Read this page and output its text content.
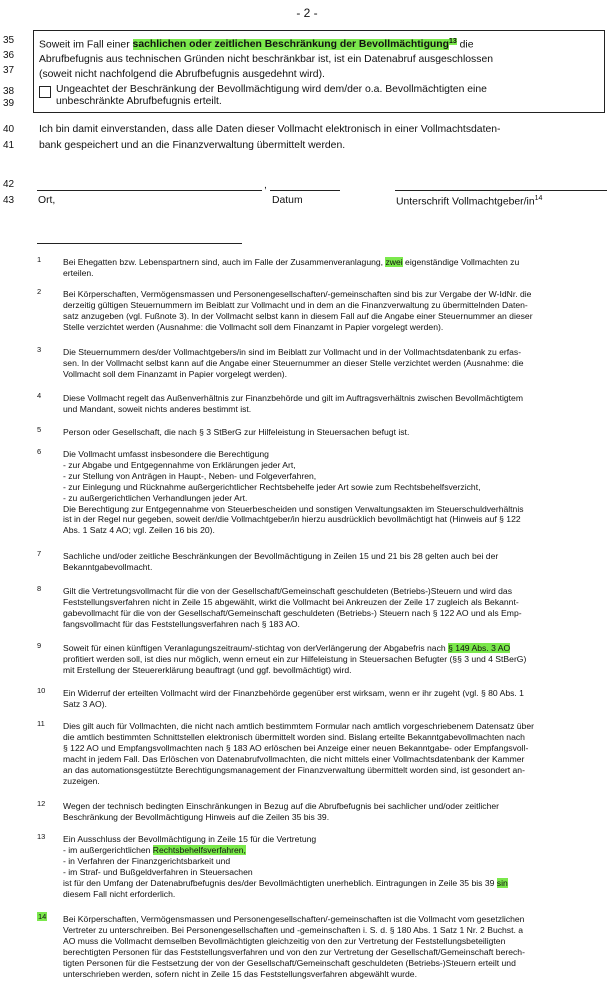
- 2 -
35
36
37
38
39
40
41
42
43
Soweit im Fall einer sachlichen oder zeitlichen Beschränkung der Bevollmächtigung$^{13}$ die
Abrufbefugnis aus technischen Gründen nicht beschränkbar ist, ist ein Datenabruf ausgeschlossen
(soweit nicht nachfolgend die Abrufbefugnis ausgedehnt wird).
Ungeachtet der Beschränkung der Bevollmächtigung wird dem/der o.a. Bevollmächtigten eine
unbeschränkte Abrufbefugnis erteilt.
Ich bin damit einverstanden, dass alle Daten dieser Vollmacht elektronisch in einer Vollmachtsdaten-
bank gespeichert und an die Finanzverwaltung übermittelt werden.
,
Ort,	Datum	Unterschrift Vollmachtgeber/$in^{14}$
1	Bei Ehegatten bzw. Lebenspartnern sind, auch im Falle der Zusammenveranlagung, zwei eigenständige Vollmachten zu
erteilen.
2	Bei Körperschaften, Vermögensmassen und Personengesellschaften/-gemeinschaften sind bis zur Vergabe der W-IdNr. die
derzeitig gültigen Steuernummern im Beiblatt zur Vollmacht und in dem an die Finanzverwaltung zu übermittelnden Daten-
satz anzugeben (vgl. Fußnote 3). In der Vollmacht selbst kann in diesem Fall auf die Angabe einer Steuernummer an dieser
Stelle verzichtet werden (Ausnahme: die Vollmacht soll dem Finanzamt in Papier vorgelegt werden).
3	Die Steuernummern des/der Vollmachtgebers/in sind im Beiblatt zur Vollmacht und in der Vollmachtsdatenbank zu erfas-
sen. In der Vollmacht selbst kann auf die Angabe einer Steuernummer an dieser Stelle verzichtet werden (Ausnahme: die
Vollmacht soll dem Finanzamt in Papier vorgelegt werden).
4	Diese Vollmacht regelt das Außenverhältnis zur Finanzbehörde und gilt im Auftragsverhältnis zwischen Bevollmächtigtem
und Mandant, soweit nichts anderes bestimmt ist.
5	Person oder Gesellschaft, die nach § 3 StBerG zur Hilfeleistung in Steuersachen befugt ist.
6	Die Vollmacht umfasst insbesondere die Berechtigung
- zur Abgabe und Entgegennahme von Erklärungen jeder Art,
- zur Stellung von Anträgen in Haupt-, Neben- und Folgeverfahren,
- zur Einlegung und Rücknahme außergerichtlicher Rechtsbehelfe jeder Art sowie zum Rechtsbehelfsverzicht,
- zu außergerichtlichen Verhandlungen jeder Art.
Die Berechtigung zur Entgegennahme von Steuerbescheiden und sonstigen Verwaltungsakten im Steuerschuldverhältnis
ist in der Regel nur gegeben, soweit der/die Vollmachtgeber/in hierzu ausdrücklich bevollmächtigt hat (Hinweis auf § 122
Abs. 1 Satz 4 AO; vgl. Zeilen 16 bis 20).
7	Sachliche und/oder zeitliche Beschränkungen der Bevollmächtigung in Zeilen 15 und 21 bis 28 gelten auch bei der
Bekanntgabevollmacht.
8	Gilt die Vertretungsvollmacht für die von der Gesellschaft/Gemeinschaft geschuldeten (Betriebs-)Steuern und wird das
Feststellungsverfahren nicht in Zeile 15 abgewählt, wirkt die Vollmacht bei Ankreuzen der Zeile 17 zugleich als Bekannt-
gabevollmacht für die von der Gesellschaft/Gemeinschaft geschuldeten (Betriebs-) Steuern nach § 122 AO und als Emp-
fangsvollmacht für das Feststellungsverfahren nach § 183 AO.
9	Soweit für einen künftigen Veranlagungszeitraum/-stichtag von derVerlängerung der Abgabefris nach § 149 Abs. 3 AO
profitiert werden soll, ist dies nur möglich, wenn erneut ein zur Hilfeleistung in Steuersachen Befugter (§§ 3 und 4 StBerG)
mit Erstellung der Steuererklärung beauftragt (und ggf. bevollmächtigt) wird.
10 Ein Widerruf der erteilten Vollmacht wird der Finanzbehörde gegenüber erst wirksam, wenn er ihr zugeht (vgl. § 80 Abs. 1
Satz 3 AO).
11 Dies gilt auch für Vollmachten, die nicht nach amtlich bestimmtem Formular nach amtlich vorgeschriebenem Datensatz über
die amtlich bestimmten Schnittstellen elektronisch übermittelt worden sind. Bislang erteilte Bekanntgabevollmachten nach
§ 122 AO und Empfangsvollmachten nach § 183 AO erlöschen bei Anzeige einer neuen Bekanntgabe- oder Empfangsvoll-
macht in jedem Fall. Das Erlöschen von Datenabrufvollmachten, die nicht mittels einer Vollmachtsdatenbank der Kammer
an das automationsgestützte Berechtigungsmanagement der Finanzverwaltung übermittelt worden sind, ist gesondert an-
zuzeigen.
12 Wegen der technisch bedingten Einschränkungen in Bezug auf die Abrufbefugnis bei sachlicher und/oder zeitlicher
Beschränkung der Bevollmächtigung Hinweis auf die Zeilen 35 bis 39.
13 Ein Ausschluss der Bevollmächtigung in Zeile 15 für die Vertretung
- im außergerichtlichen Rechtsbehelfsverfahren,
- in Verfahren der Finanzgerichtsbarkeit und
- im Straf- und Bußgeldverfahren in Steuersachen
ist für den Umfang der Datenabrufbefugnis des/der Bevollmächtigten unerheblich. Eintragungen in Zeile 35 bis 39 sin
diesem Fall nicht erforderlich.
14 Bei Körperschaften, Vermögensmassen und Personengesellschaften/-gemeinschaften ist die Vollmacht vom gesetzlichen
Vertreter zu unterschreiben. Bei Personengesellschaften und -gemeinschaften i. S. d. § 180 Abs. 1 Satz 1 Nr. 2 Buchst. a
AO muss die Vollmacht demselben Bevollmächtigten gleichzeitig von den zur Vertretung der Feststellungsbeteiligten
berechtigten Personen für das Feststellungsverfahren und von den zur Vertretung der Gesellschaft/Gemeinschaft berech-
tigten Personen für die Festsetzung der von der Gesellschaft/Gemeinschaft geschuldeten (Betriebs-)Steuern erteilt und
unterschrieben werden, sofern nicht in Zeile 15 das Feststellungsverfahren abgewählt wurde.
